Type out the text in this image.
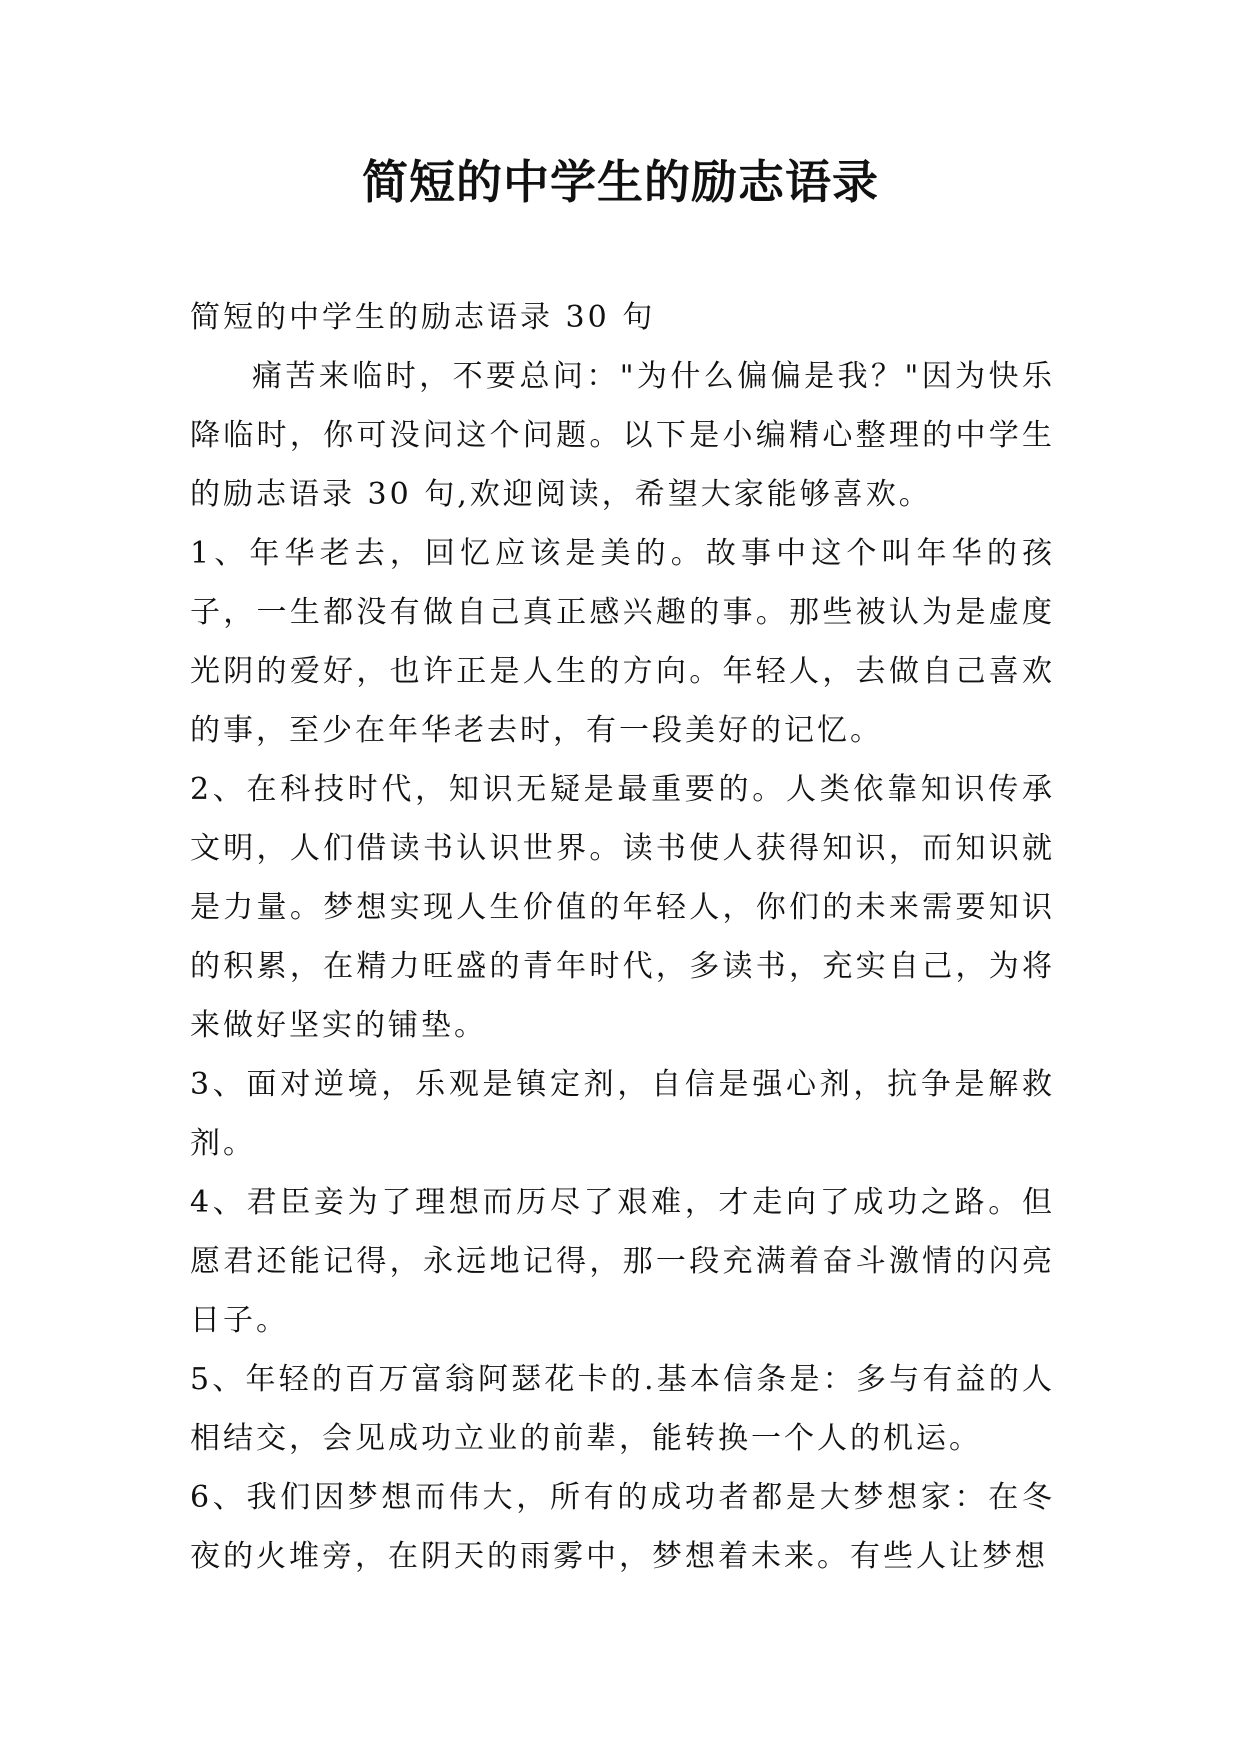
简短的中学生的励志语录

简短的中学生的励志语录 30 句

痛苦来临时，不要总问："为什么偏偏是我？"因为快乐降临时，你可没问这个问题。以下是小编精心整理的中学生的励志语录 30 句,欢迎阅读，希望大家能够喜欢。

1、年华老去，回忆应该是美的。故事中这个叫年华的孩子，一生都没有做自己真正感兴趣的事。那些被认为是虚度光阴的爱好，也许正是人生的方向。年轻人，去做自己喜欢的事，至少在年华老去时，有一段美好的记忆。

2、在科技时代，知识无疑是最重要的。人类依靠知识传承文明，人们借读书认识世界。读书使人获得知识，而知识就是力量。梦想实现人生价值的年轻人，你们的未来需要知识的积累，在精力旺盛的青年时代，多读书，充实自己，为将来做好坚实的铺垫。

3、面对逆境，乐观是镇定剂，自信是强心剂，抗争是解救剂。

4、君臣妾为了理想而历尽了艰难，才走向了成功之路。但愿君还能记得，永远地记得，那一段充满着奋斗激情的闪亮日子。

5、年轻的百万富翁阿瑟花卡的.基本信条是：多与有益的人相结交，会见成功立业的前辈，能转换一个人的机运。

6、我们因梦想而伟大，所有的成功者都是大梦想家：在冬夜的火堆旁，在阴天的雨雾中，梦想着未来。有些人让梦想
